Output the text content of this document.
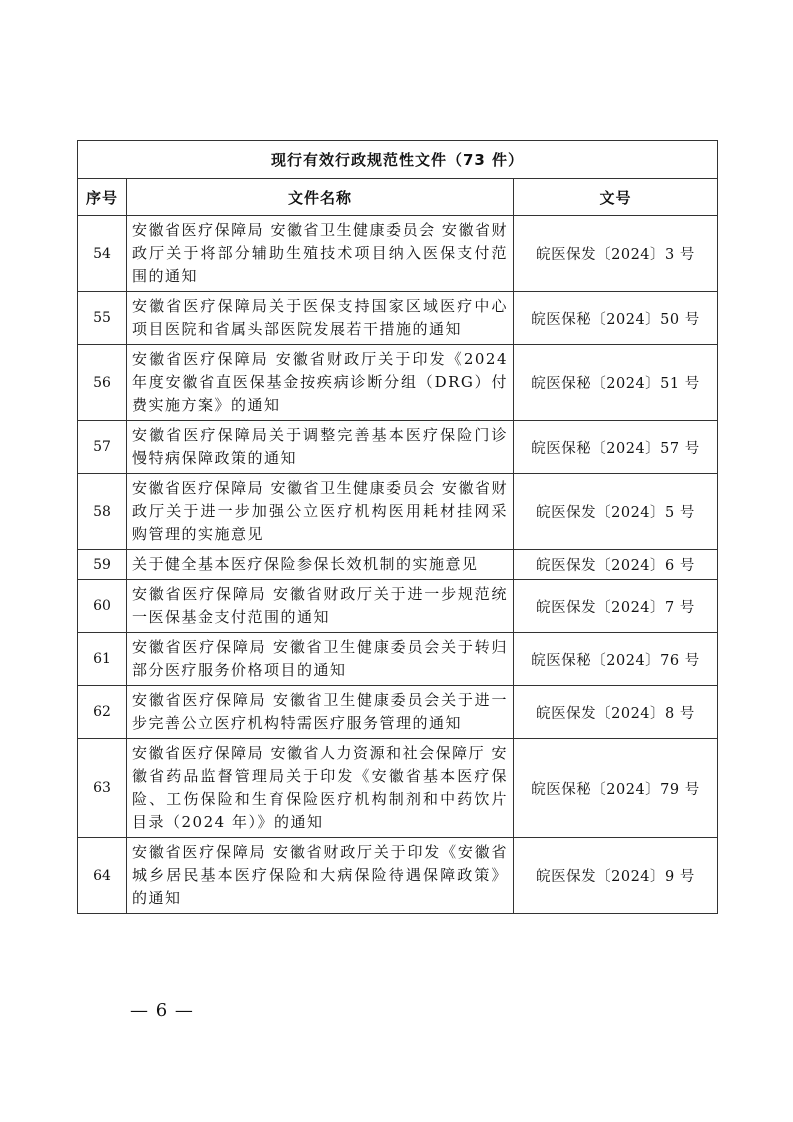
现行有效行政规范性文件（73 件）		
序号	文件名称	文号
54	安徽省医疗保障局 安徽省卫生健康委员会 安徽省财政厅关于将部分辅助生殖技术项目纳入医保支付范围的通知	皖医保发〔2024〕3 号
55	安徽省医疗保障局关于医保支持国家区域医疗中心项目医院和省属头部医院发展若干措施的通知	皖医保秘〔2024〕50 号
56	安徽省医疗保障局 安徽省财政厅关于印发《2024 年度安徽省直医保基金按疾病诊断分组（DRG）付费实施方案》的通知	皖医保秘〔2024〕51 号
57	安徽省医疗保障局关于调整完善基本医疗保险门诊慢特病保障政策的通知	皖医保秘〔2024〕57 号
58	安徽省医疗保障局 安徽省卫生健康委员会 安徽省财政厅关于进一步加强公立医疗机构医用耗材挂网采购管理的实施意见	皖医保发〔2024〕5 号
59	关于健全基本医疗保险参保长效机制的实施意见	皖医保发〔2024〕6 号
60	安徽省医疗保障局 安徽省财政厅关于进一步规范统一医保基金支付范围的通知	皖医保发〔2024〕7 号
61	安徽省医疗保障局 安徽省卫生健康委员会关于转归部分医疗服务价格项目的通知	皖医保秘〔2024〕76 号
62	安徽省医疗保障局 安徽省卫生健康委员会关于进一步完善公立医疗机构特需医疗服务管理的通知	皖医保发〔2024〕8 号
63	安徽省医疗保障局 安徽省人力资源和社会保障厅 安徽省药品监督管理局关于印发《安徽省基本医疗保险、工伤保险和生育保险医疗机构制剂和中药饮片目录（2024 年）》的通知	皖医保秘〔2024〕79 号
64	安徽省医疗保障局 安徽省财政厅关于印发《安徽省城乡居民基本医疗保险和大病保险待遇保障政策》的通知	皖医保发〔2024〕9 号
— 6 —
